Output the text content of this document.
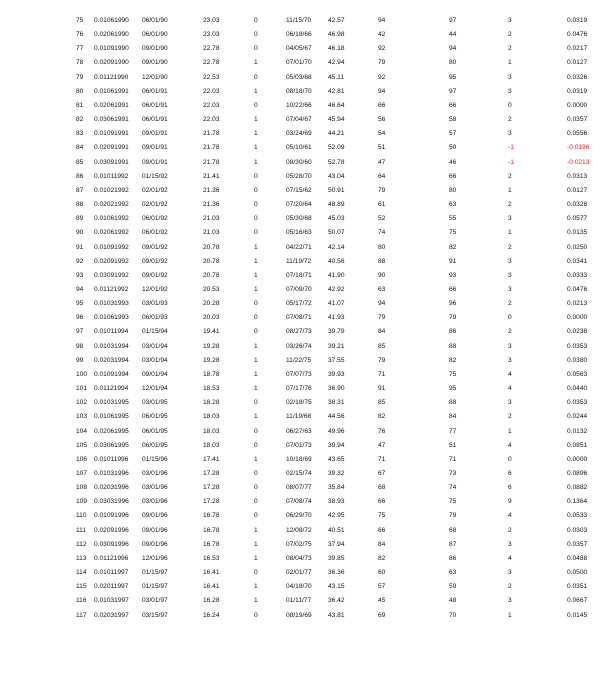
75 0.01061990 06/01/90	23.03	0	11/15/70	42.57	94	97	3	0.0319
76 0.02061990 06/01/90	23.03	0	06/18/66 46.98	42	44	2	0.0476
77 0.01091990 09/01/90	22.78	0	04/05/67 46.18	92	94	2	0.0217
78 0.02091990 09/01/90	22.78	1	07/01/70 42.94	79	80	1	0.0127
79 0.01121990 12/01/90	22.53	0	05/03/68 45.11	92	95	3	0.0326
80 0.01061991 06/01/91	22.03	1	08/18/70 42.81	94	97	3	0.0319
81 0.02061991 06/01/91	22.03	0	10/22/66 46.64	66	66	0	0.0000
82 0.03061991 06/01/91	22.03	1	07/04/67 45.94	56	58	2	0.0357
83 0.01091991 09/01/91	21.78	1	03/24/69 44.21	54	57	3	0.0556
84 0.02091991 09/01/91	21.78	1	05/10/61 52.09	51	50	-1	-0.0196
85 0.03091991 09/01/91	21.78	1	08/30/60 52.78	47	46	-1	-0.0213
86 0.01011992 01/15/92	21.41	0	05/28/70 43.04	64	66	2	0.0313
87 0.01021992 02/01/92	21.36	0	07/15/62 50.91	79	80	1	0.0127
88 0.02021992 02/01/92	21.36	0	07/20/64 48.89	61	63	2	0.0328
89 0.01061992 06/01/92	21.03	0	05/30/68 45.03	52	55	3	0.0577
90 0.02061992 06/01/92	21.03	0	05/16/63 50.07	74	75	1	0.0135
91 0.01091992 09/01/92	20.78	1	04/22/71 42.14	80	82	2	0.0250
92 0.02091992 09/01/92	20.78	1	11/19/72	40.56	88	91	3	0.0341
93 0.03091992 09/01/92	20.78	1	07/18/71 41.90	90	93	3	0.0333
94 0.01121992 12/01/92	20.53	1	07/09/70 42.92	63	66	3	0.0476
95 0.01031993 03/01/93	20.28	0	05/17/72 41.07	94	96	2	0.0213
96 0.01061993 06/01/93	20.03	0	07/08/71 41.93	79	79	0	0.0000
97 0.01011994 01/15/94	19.41	0	08/27/73 39.79	84	86	2	0.0238
98 0.01031994 03/01/94	19.28	1	03/26/74 39.21	85	88	3	0.0353
99 0.02031994 03/01/94	19.28	1	11/22/75	37.55	79	82	3	0.0380
100 0.01091994 09/01/94	18.78	1	07/07/73 39.93	71	75	4	0.0563
101 0.01121994 12/01/94	18.53	1	07/17/76 36.90	91	95	4	0.0440
102 0.01031995 03/01/95	18.28	0	02/18/75 38.31	85	88	3	0.0353
103 0.01061995 06/01/95	18.03	1	11/19/68	44.56	82	84	2	0.0244
104 0.02061995 06/01/95	18.03	0	06/27/63 49.96	76	77	1	0.0132
105 0.03061995 06/01/95	18.03	0	07/01/73 39.94	47	51	4	0.0851
106 0.01011996 01/15/96	17.41	1	10/18/69 43.65	71	71	0	0.0000
107 0.01031996 03/01/96	17.28	0	02/15/74 39.32	67	73	6	0.0896
108 0.02031996 03/01/96	17.28	0	08/07/77 35.84	68	74	6	0.0882
109 0.03031996 03/01/96	17.28	0	07/08/74 38.93	66	75	9	0.1364
110 0.01091996 09/01/96	16.78	0	06/29/70 42.95	75	79	4	0.0533
111 0.02091996 09/01/96	16.78	1	12/08/72 40.51	66	68	2	0.0303
112 0.03091996 09/01/96	16.78	1	07/02/75 37.94	84	87	3	0.0357
113 0.01121996 12/01/96	16.53	1	08/04/73 39.85	82	86	4	0.0488
114 0.01011997 01/15/97	16.41	0	02/01/77 36.36	60	63	3	0.0500
115 0.02011997 01/15/97	16.41	1	04/18/70 43.15	57	59	2	0.0351
116 0.01031997 03/01/97	16.28	1	01/11/77	36.42	45	48	3	0.0667
117 0.02031997 03/15/97	16.24	0	08/19/69 43.81	69	70	1	0.0145
